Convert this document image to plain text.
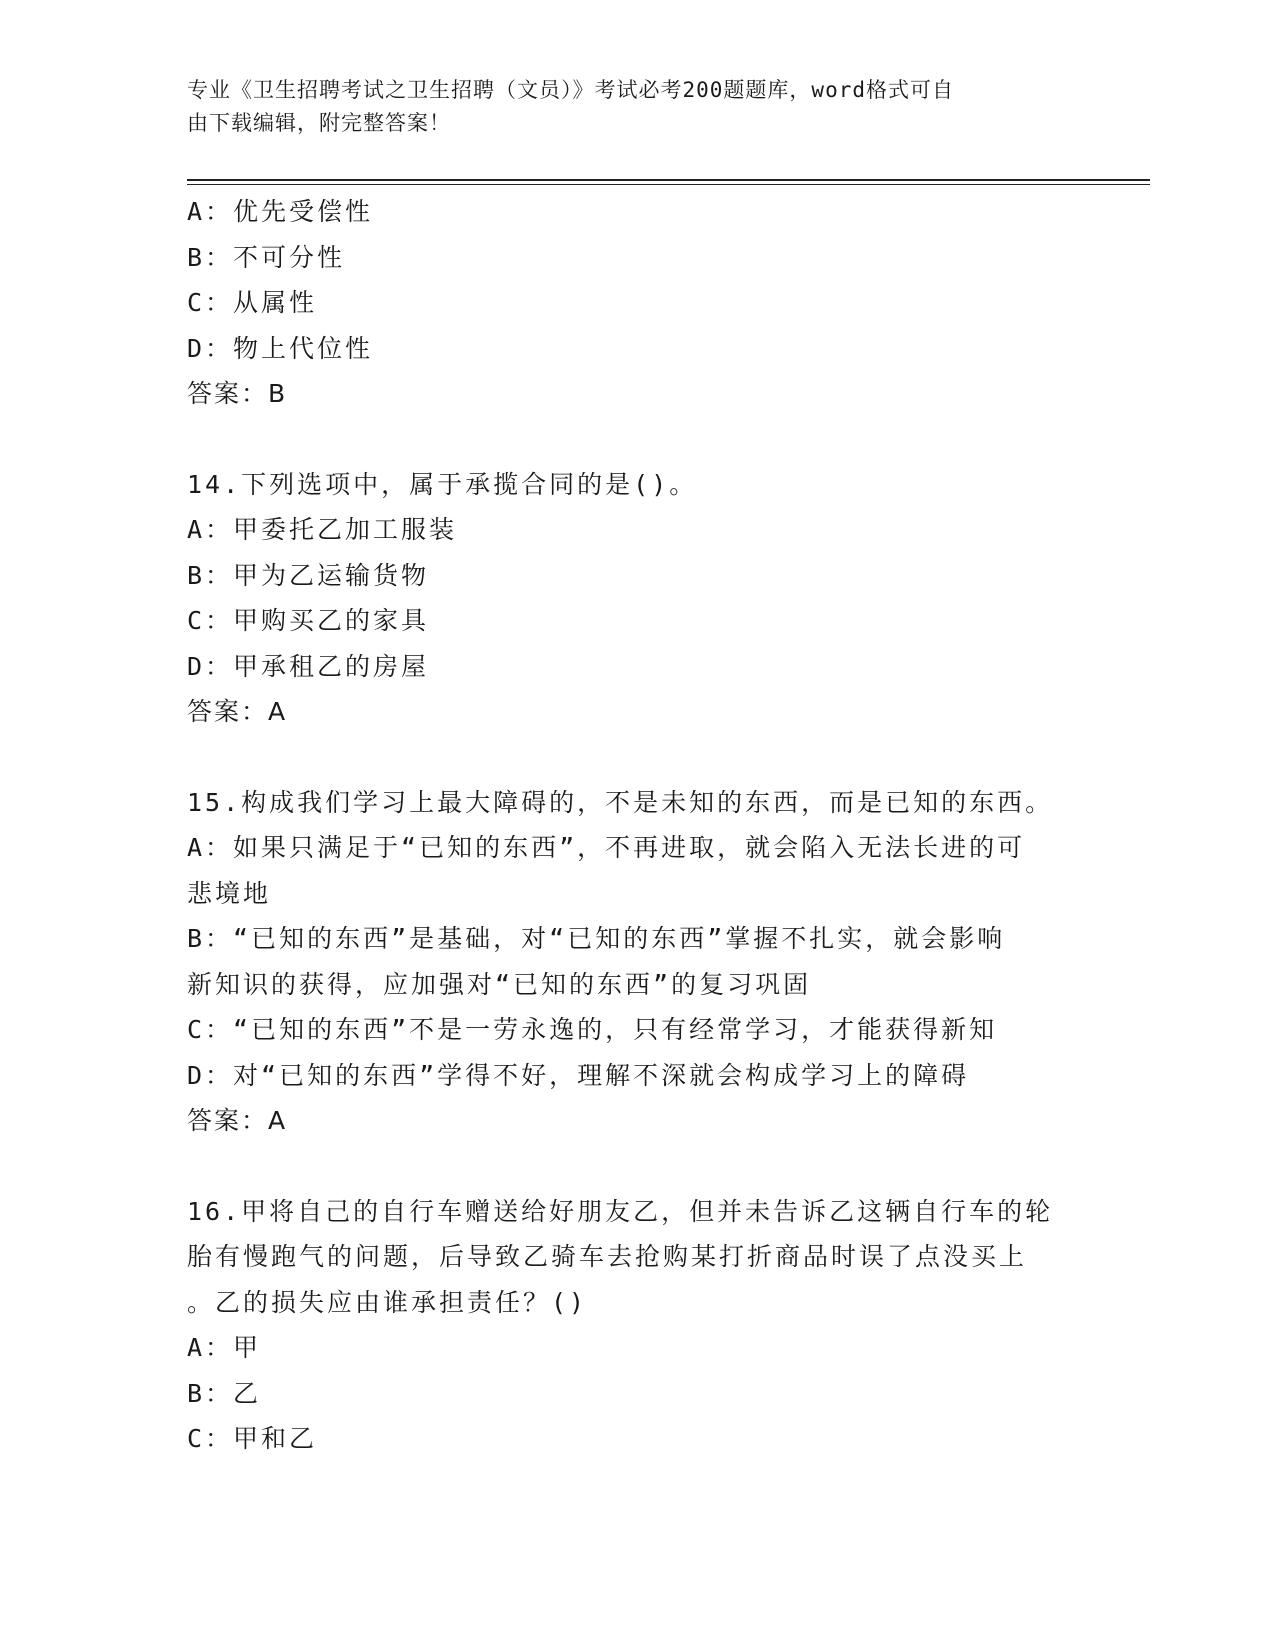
专业《卫生招聘考试之卫生招聘（文员）》考试必考200题题库，word格式可自
由下载编辑，附完整答案！
A：优先受偿性
B：不可分性
C：从属性
D：物上代位性
答案：B
14.下列选项中，属于承揽合同的是()。
A：甲委托乙加工服装
B：甲为乙运输货物
C：甲购买乙的家具
D：甲承租乙的房屋
答案：A
15.构成我们学习上最大障碍的，不是未知的东西，而是已知的东西。
A：如果只满足于“已知的东西”，不再进取，就会陷入无法长进的可
悲境地
B：“已知的东西”是基础，对“已知的东西”掌握不扎实，就会影响
新知识的获得，应加强对“已知的东西”的复习巩固
C：“已知的东西”不是一劳永逸的，只有经常学习，才能获得新知
D：对“已知的东西”学得不好，理解不深就会构成学习上的障碍
答案：A
16.甲将自己的自行车赠送给好朋友乙，但并未告诉乙这辆自行车的轮
胎有慢跑气的问题，后导致乙骑车去抢购某打折商品时误了点没买上
。乙的损失应由谁承担责任？()
A：甲
B：乙
C：甲和乙
